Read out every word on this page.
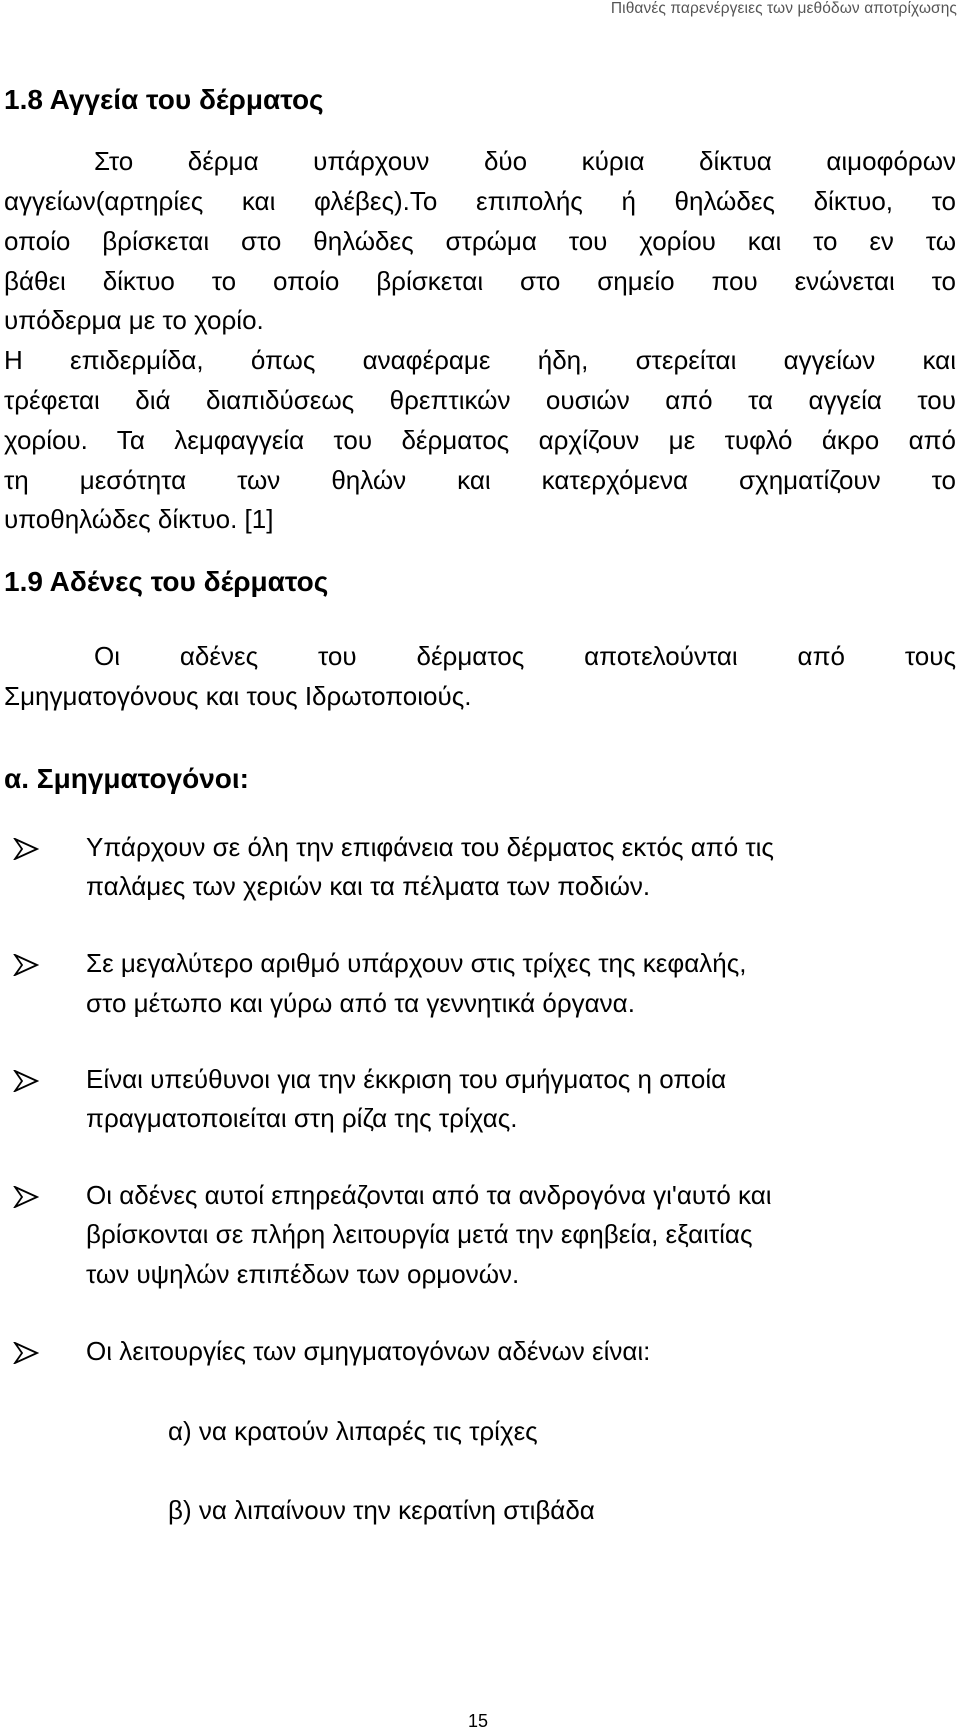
Πιθανές παρενέργειες των μεθόδων αποτρίχωσης
1.8 Αγγεία του δέρματος
Στο δέρμα υπάρχουν δύο κύρια δίκτυα αιμοφόρων
αγγείων(αρτηρίες και φλέβες).Το επιπολής ή θηλώδες δίκτυο, το
οποίο βρίσκεται στο θηλώδες στρώμα του χορίου και το εν τω
βάθει δίκτυο το οποίο βρίσκεται στο σημείο που ενώνεται το
υπόδερμα με το χορίο.
Η επιδερμίδα, όπως αναφέραμε ήδη, στερείται αγγείων και
τρέφεται διά διαπιδύσεως θρεπτικών ουσιών από τα αγγεία του
χορίου. Τα λεμφαγγεία του δέρματος αρχίζουν με τυφλό άκρο από
τη μεσότητα των θηλών και κατερχόμενα σχηματίζουν το
υποθηλώδες δίκτυο. [1]
1.9 Αδένες του δέρματος
Οι αδένες του δέρματος αποτελούνται από τους
Σμηγματογόνους και τους Ιδρωτοποιούς.
α. Σμηγματογόνοι:
Υπάρχουν σε όλη την επιφάνεια του δέρματος εκτός από τις
παλάμες των χεριών και τα πέλματα των ποδιών.
Σε μεγαλύτερο αριθμό υπάρχουν στις τρίχες της κεφαλής,
στο μέτωπο και γύρω από τα γεννητικά όργανα.
Είναι υπεύθυνοι για την έκκριση του σμήγματος η οποία
πραγματοποιείται στη ρίζα της τρίχας.
Οι αδένες αυτοί επηρεάζονται από τα ανδρογόνα γι'αυτό και
βρίσκονται σε πλήρη λειτουργία μετά την εφηβεία, εξαιτίας
των υψηλών επιπέδων των ορμονών.
Οι λειτουργίες των σμηγματογόνων αδένων είναι:
α) να κρατούν λιπαρές τις τρίχες
β) να λιπαίνουν την κερατίνη στιβάδα
15
